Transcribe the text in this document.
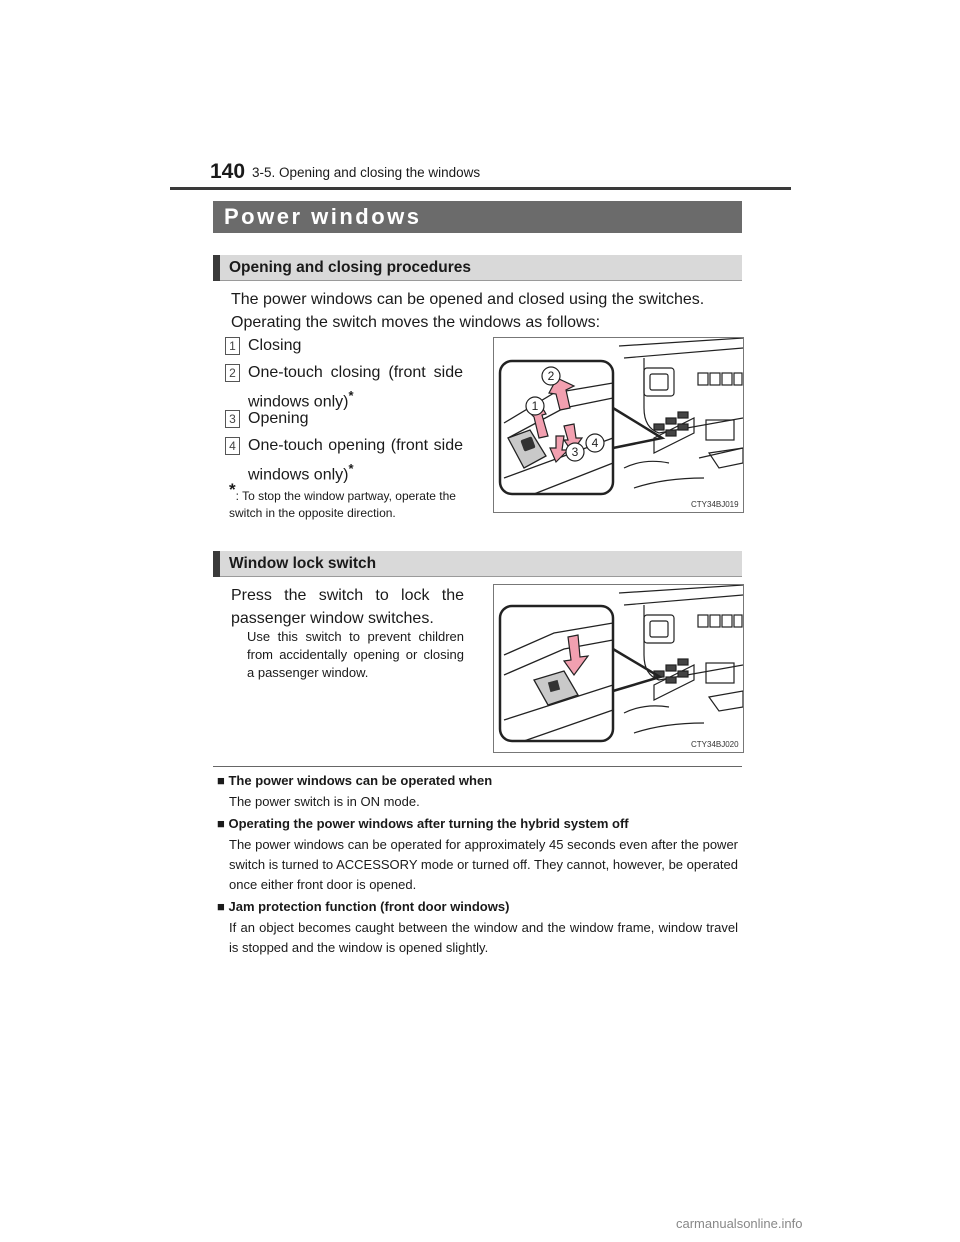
140 3-5. Opening and closing the windows
Power windows
Opening and closing procedures
The power windows can be opened and closed using the switches.
Operating the switch moves the windows as follows:
1 Closing
2 One-touch closing (front side windows only)*
3 Opening
4 One-touch opening (front side windows only)*
*: To stop the window partway, operate the switch in the opposite direction.
2
1
3
4
CTY34BJ019
Window lock switch
Press the switch to lock the passenger window switches.
Use this switch to prevent children from accidentally opening or closing a passenger window.
CTY34BJ020
■ The power windows can be operated when
The power switch is in ON mode.
■ Operating the power windows after turning the hybrid system off
The power windows can be operated for approximately 45 seconds even after the power switch is turned to ACCESSORY mode or turned off. They cannot, however, be operated once either front door is opened.
■ Jam protection function (front door windows)
If an object becomes caught between the window and the window frame, window travel is stopped and the window is opened slightly.
carmanualsonline.info
